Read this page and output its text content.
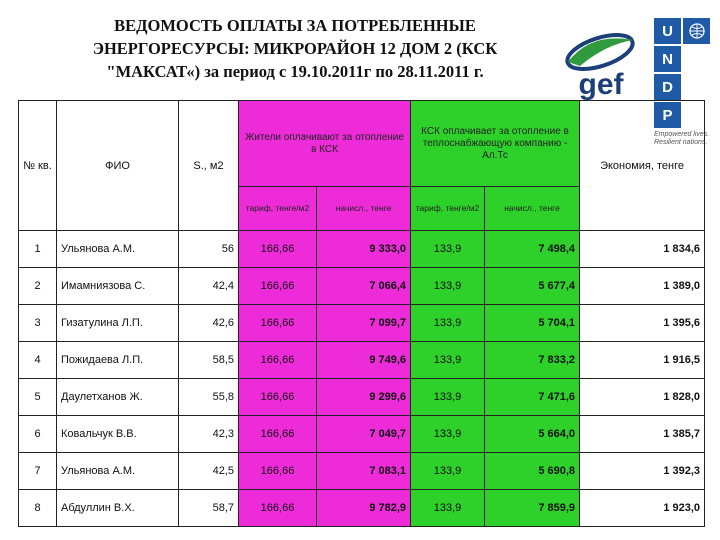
ВЕДОМОСТЬ ОПЛАТЫ ЗА ПОТРЕБЛЕННЫЕ
ЭНЕРГОРЕСУРСЫ: МИКРОРАЙОН 12 ДОМ 2 (КСК
"МАКСАТ«) за период с 19.10.2011г по 28.11.2011 г.	gef
U
N
D
P
Empowered lives.
Resilient nations.
№ кв.	ФИО	S., м2	Жители оплачивают за отопление в КСК		КСК оплачивает за отопление в теплоснабжающую компанию - Ал.Тс		Экономия, тенге
			тариф, тенге/м2	начисл., тенге	тариф, тенге/м2	начисл., тенге	
1	Ульянова А.М.	56	166,66	9 333,0	133,9	7 498,4	1 834,6
2	Имамниязова С.	42,4	166,66	7 066,4	133,9	5 677,4	1 389,0
3	Гизатулина Л.П.	42,6	166,66	7 099,7	133,9	5 704,1	1 395,6
4	Пожидаева Л.П.	58,5	166,66	9 749,6	133,9	7 833,2	1 916,5
5	Даулетханов Ж.	55,8	166,66	9 299,6	133,9	7 471,6	1 828,0
6	Ковальчук В.В.	42,3	166,66	7 049,7	133,9	5 664,0	1 385,7
7	Ульянова А.М.	42,5	166,66	7 083,1	133,9	5 690,8	1 392,3
8	Абдуллин В.Х.	58,7	166,66	9 782,9	133,9	7 859,9	1 923,0
